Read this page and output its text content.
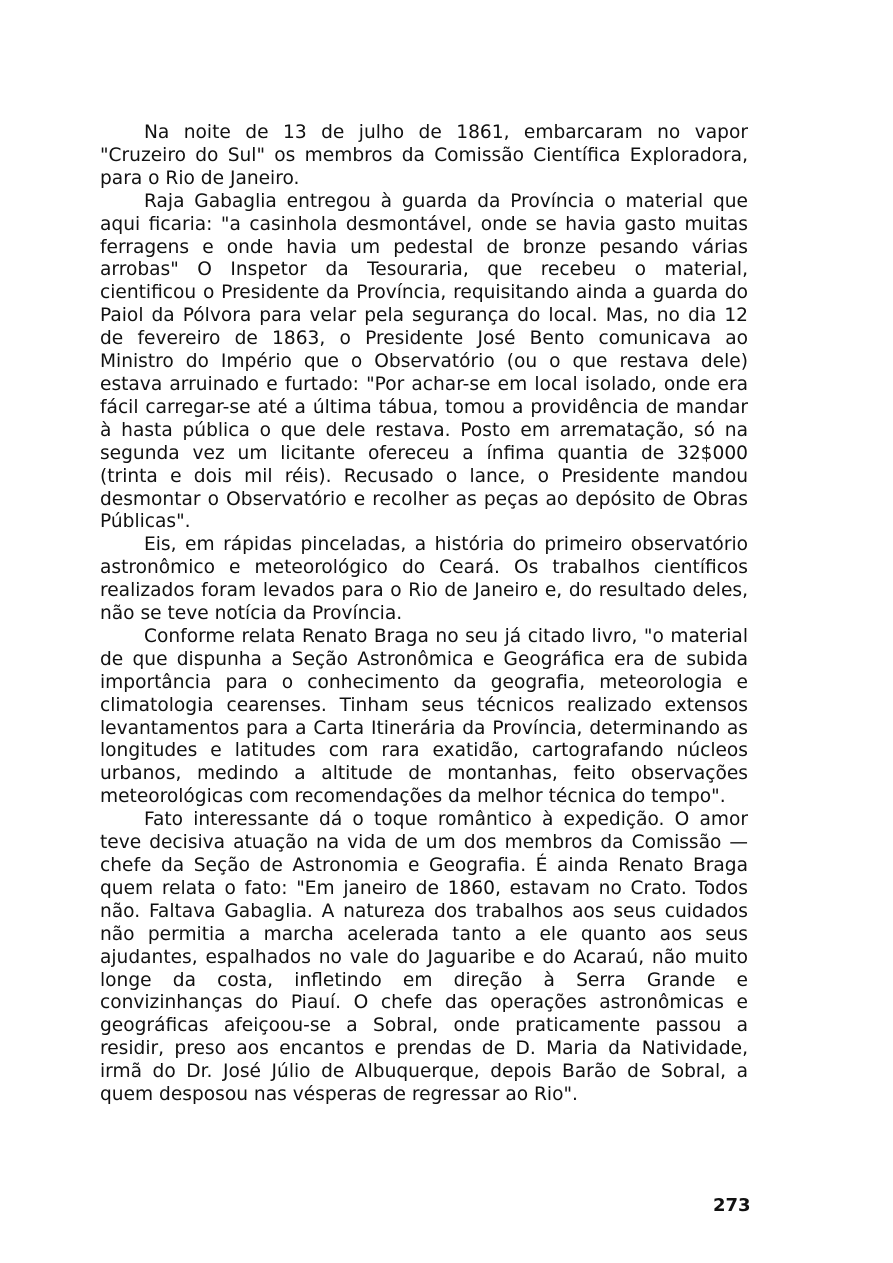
Na noite de 13 de julho de 1861, embarcaram no vapor "Cruzeiro do Sul" os membros da Comissão Científica Exploradora, para o Rio de Janeiro.

Raja Gabaglia entregou à guarda da Província o material que aqui ficaria: "a casinhola desmontável, onde se havia gasto muitas ferragens e onde havia um pedestal de bronze pesando várias arrobas" O Inspetor da Tesouraria, que recebeu o material, cientificou o Presidente da Província, requisitando ainda a guarda do Paiol da Pólvora para velar pela segurança do local. Mas, no dia 12 de fevereiro de 1863, o Presidente José Bento comunicava ao Ministro do Império que o Observatório (ou o que restava dele) estava arruinado e furtado: "Por achar-se em local isolado, onde era fácil carregar-se até a última tábua, tomou a providência de mandar à hasta pública o que dele restava. Posto em arrematação, só na segunda vez um licitante ofereceu a ínfima quantia de 32$000 (trinta e dois mil réis). Recusado o lance, o Presidente mandou desmontar o Observatório e recolher as peças ao depósito de Obras Públicas".

Eis, em rápidas pinceladas, a história do primeiro observatório astronômico e meteorológico do Ceará. Os trabalhos científicos realizados foram levados para o Rio de Janeiro e, do resultado deles, não se teve notícia da Província.

Conforme relata Renato Braga no seu já citado livro, "o material de que dispunha a Seção Astronômica e Geográfica era de subida importância para o conhecimento da geografia, meteorologia e climatologia cearenses. Tinham seus técnicos realizado extensos levantamentos para a Carta Itinerária da Província, determinando as longitudes e latitudes com rara exatidão, cartografando núcleos urbanos, medindo a altitude de montanhas, feito observações meteorológicas com recomendações da melhor técnica do tempo".

Fato interessante dá o toque romântico à expedição. O amor teve decisiva atuação na vida de um dos membros da Comissão — chefe da Seção de Astronomia e Geografia. É ainda Renato Braga quem relata o fato: "Em janeiro de 1860, estavam no Crato. Todos não. Faltava Gabaglia. A natureza dos trabalhos aos seus cuidados não permitia a marcha acelerada tanto a ele quanto aos seus ajudantes, espalhados no vale do Jaguaribe e do Acaraú, não muito longe da costa, infletindo em direção à Serra Grande e convizinhanças do Piauí. O chefe das operações astronômicas e geográficas afeiçoou-se a Sobral, onde praticamente passou a residir, preso aos encantos e prendas de D. Maria da Natividade, irmã do Dr. José Júlio de Albuquerque, depois Barão de Sobral, a quem desposou nas vésperas de regressar ao Rio".

273
